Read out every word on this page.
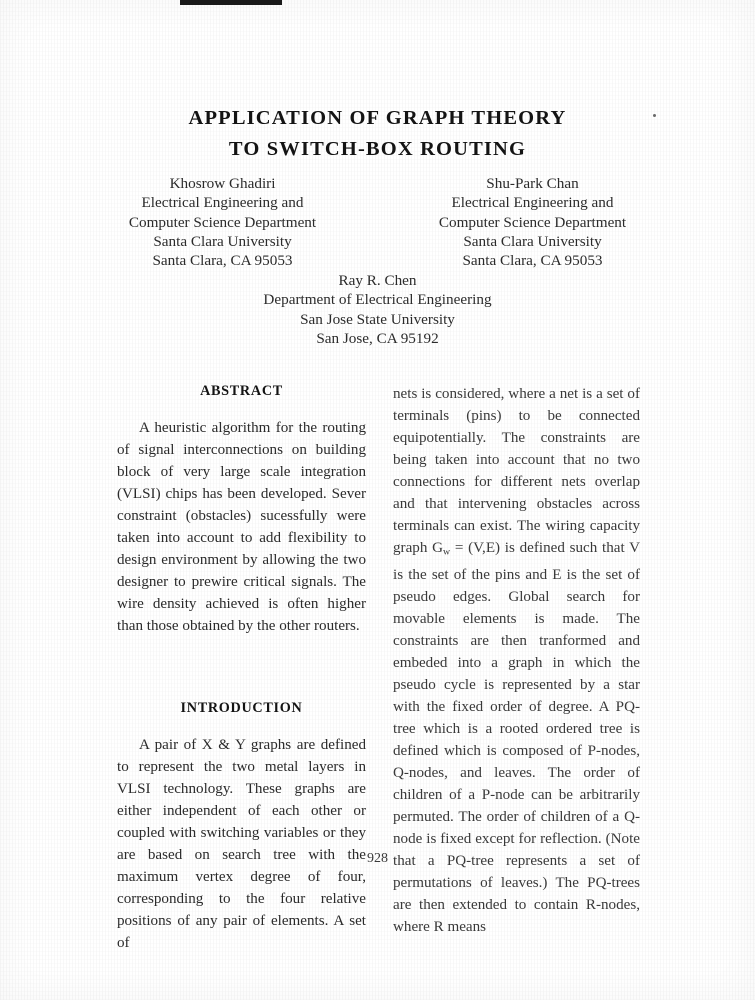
APPLICATION OF GRAPH THEORY
TO SWITCH-BOX ROUTING
Khosrow Ghadiri
Electrical Engineering and
Computer Science Department
Santa Clara University
Santa Clara, CA 95053
Shu-Park Chan
Electrical Engineering and
Computer Science Department
Santa Clara University
Santa Clara, CA 95053
Ray R. Chen
Department of Electrical Engineering
San Jose State University
San Jose, CA 95192
ABSTRACT

A heuristic algorithm for the routing of signal interconnections on building block of very large scale integration (VLSI) chips has been developed. Sever constraint (obstacles) sucessfully were taken into account to add flexibility to design environment by allowing the two designer to prewire critical signals. The wire density achieved is often higher than those obtained by the other routers.

INTRODUCTION

A pair of X & Y graphs are defined to represent the two metal layers in VLSI technology. These graphs are either independent of each other or coupled with switching variables or they are based on search tree with the maximum vertex degree of four, corresponding to the four relative positions of any pair of elements. A set of

nets is considered, where a net is a set of terminals (pins) to be connected equipotentially. The constraints are being taken into account that no two connections for different nets overlap and that intervening obstacles across terminals can exist. The wiring capacity graph $G_w = (V,E)$ is defined such that V is the set of the pins and E is the set of pseudo edges. Global search for movable elements is made. The constraints are then tranformed and embeded into a graph in which the pseudo cycle is represented by a star with the fixed order of degree. A PQ-tree which is a rooted ordered tree is defined which is composed of P-nodes, Q-nodes, and leaves. The order of children of a P-node can be arbitrarily permuted. The order of children of a Q-node is fixed except for reflection. (Note that a PQ-tree represents a set of permutations of leaves.) The PQ-trees are then extended to contain R-nodes, where R means

928
